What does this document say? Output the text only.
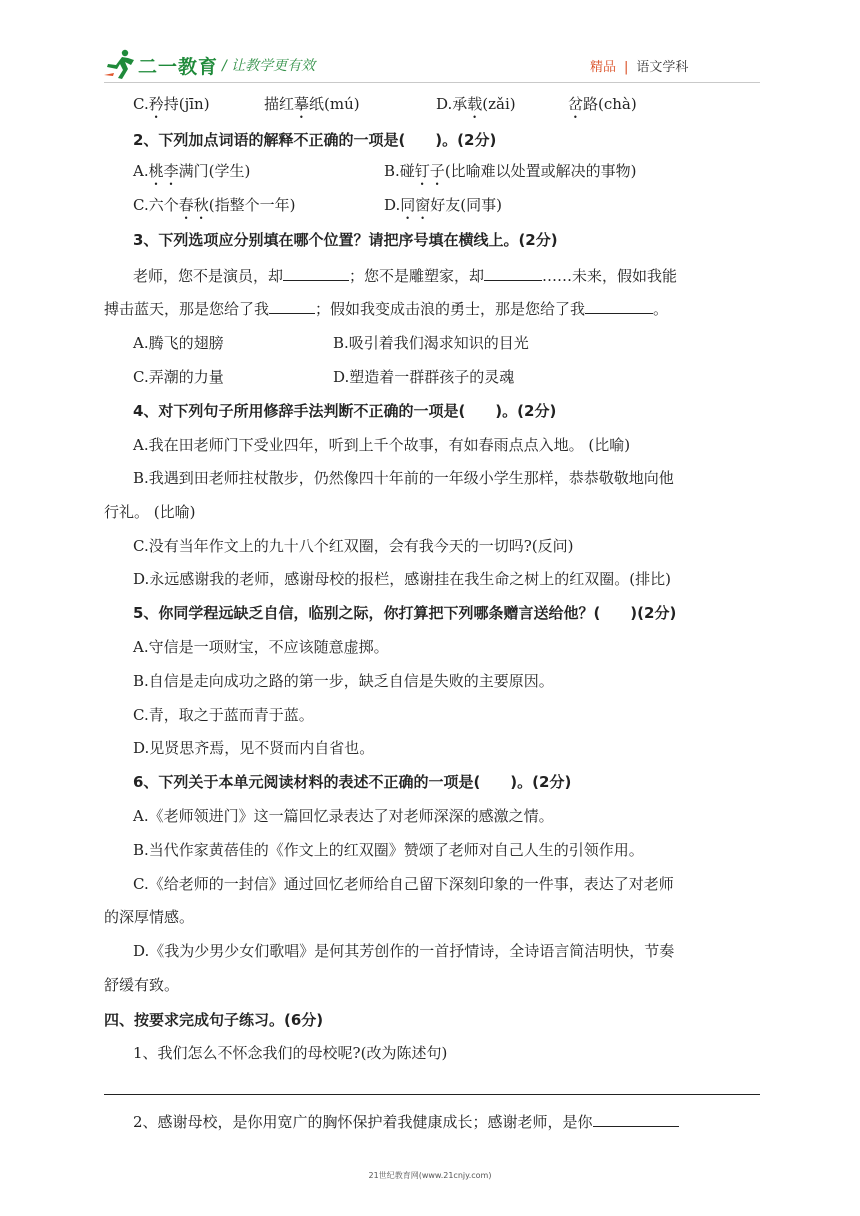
二一教育 / 让教学更有效	精品 | 语文学科
C.矜持(jīn)	描红摹纸(mú)	D.承载(zǎi)	岔路(chà)
2、下列加点词语的解释不正确的一项是(　　)。(2分)
A.桃李满门(学生)	B.碰钉子(比喻难以处置或解决的事物)
C.六个春秋(指整个一年)	D.同窗好友(同事)
3、下列选项应分别填在哪个位置？请把序号填在横线上。(2分)
老师，您不是演员，却	；您不是雕塑家，却	……未来，假如我能
搏击蓝天，那是您给了我	；假如我变成击浪的勇士，那是您给了我	。
A.腾飞的翅膀	B.吸引着我们渴求知识的目光
C.弄潮的力量	D.塑造着一群群孩子的灵魂
4、对下列句子所用修辞手法判断不正确的一项是(　　)。(2分)
A.我在田老师门下受业四年，听到上千个故事，有如春雨点点入地。 (比喻)
B.我遇到田老师拄杖散步，仍然像四十年前的一年级小学生那样，恭恭敬敬地向他
行礼。 (比喻)
C.没有当年作文上的九十八个红双圈，会有我今天的一切吗?(反问)
D.永远感谢我的老师，感谢母校的报栏，感谢挂在我生命之树上的红双圈。(排比)
5、你同学程远缺乏自信，临别之际，你打算把下列哪条赠言送给他？(　　)(2分)
A.守信是一项财宝，不应该随意虚掷。
B.自信是走向成功之路的第一步，缺乏自信是失败的主要原因。
C.青，取之于蓝而青于蓝。
D.见贤思齐焉，见不贤而内自省也。
6、下列关于本单元阅读材料的表述不正确的一项是(　　)。(2分)
A.《老师领进门》这一篇回忆录表达了对老师深深的感激之情。
B.当代作家黄蓓佳的《作文上的红双圈》赞颂了老师对自己人生的引领作用。
C.《给老师的一封信》通过回忆老师给自己留下深刻印象的一件事，表达了对老师
的深厚情感。
D.《我为少男少女们歌唱》是何其芳创作的一首抒情诗，全诗语言简洁明快，节奏
舒缓有致。
四、按要求完成句子练习。(6分)
1、我们怎么不怀念我们的母校呢?(改为陈述句)
2、感谢母校，是你用宽广的胸怀保护着我健康成长；感谢老师，是你
21世纪教育网(www.21cnjy.com)
